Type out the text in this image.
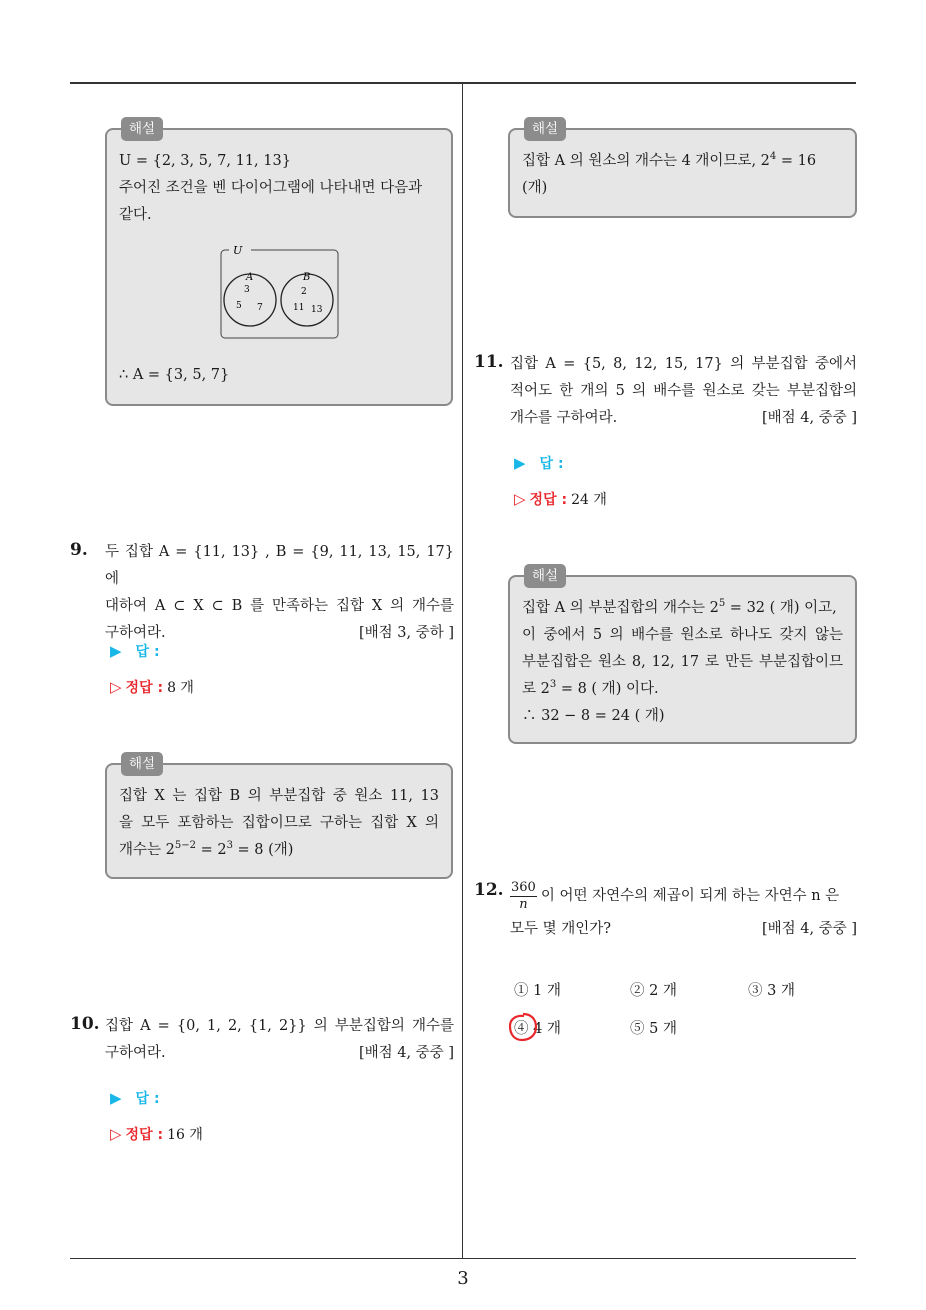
해설
U = {2, 3, 5, 7, 11, 13}
주어진 조건을 벤 다이어그램에 나타내면 다음과
같다.
U
A	B
3
5 7
2
11 13
∴ A = {3, 5, 7}
9. 두 집합 A = {11, 13} , B = {9, 11, 13, 15, 17} 에
대하여 A ⊂ X ⊂ B 를 만족하는 집합 X 의 개수를
구하여라.	[배점 3, 중하 ]
▶ 답 :
▷ 정답 : 8 개
해설
집합 X 는 집합 B 의 부분집합 중 원소 11, 13
을 모두 포함하는 집합이므로 구하는 집합 X 의
개수는 $2^{5-2} = 2^3 = 8$ (개)
10. 집합 A = {0, 1, 2, {1, 2}} 의 부분집합의 개수를
구하여라.	[배점 4, 중중 ]
▶ 답 :
▷ 정답 : 16 개
해설
집합 A 의 원소의 개수는 4 개이므로, $2^4 = 16$
(개)
11. 집합 A = {5, 8, 12, 15, 17} 의 부분집합 중에서
적어도 한 개의 5 의 배수를 원소로 갖는 부분집합의
개수를 구하여라.	[배점 4, 중중 ]
▶ 답 :
▷ 정답 : 24 개
해설
집합 A 의 부분집합의 개수는 $2^5 = 32$ ( 개) 이고,
이 중에서 5 의 배수를 원소로 하나도 갖지 않는
부분집합은 원소 8, 12, 17 로 만든 부분집합이므
로 $2^3 = 8$ ( 개) 이다.
∴ 32 − 8 = 24 ( 개)
12. $\frac{360}{n}$ 이 어떤 자연수의 제곱이 되게 하는 자연수 n 은
모두 몇 개인가?	[배점 4, 중중 ]
① 1 개	② 2 개	③ 3 개
④ 4 개	⑤ 5 개
3
